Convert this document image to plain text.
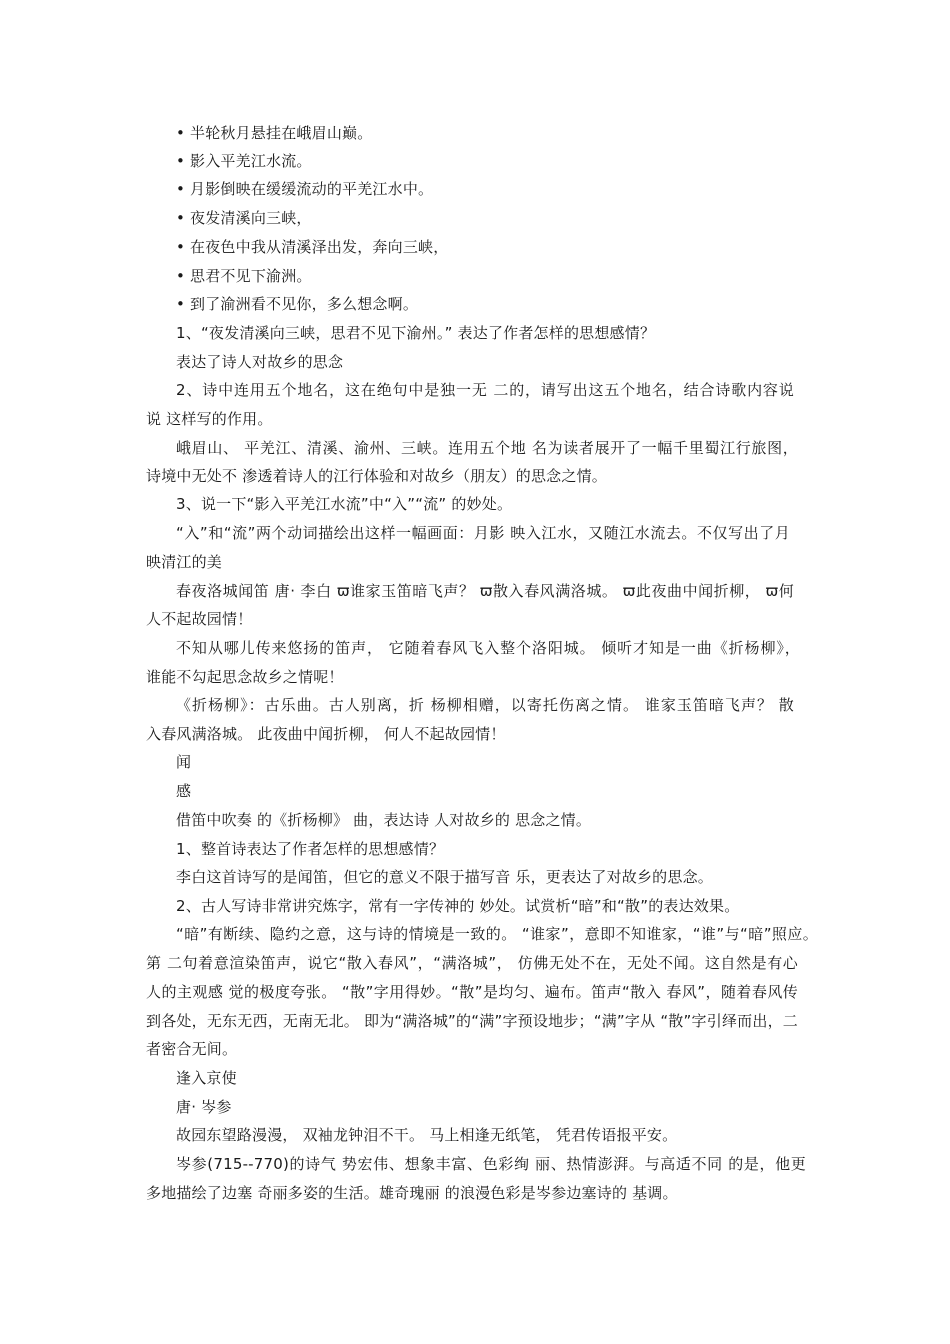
• 半轮秋月悬挂在峨眉山巅。
• 影入平羌江水流。
• 月影倒映在缓缓流动的平羌江水中。
• 夜发清溪向三峡，
• 在夜色中我从清溪泽出发，奔向三峡，
• 思君不见下渝洲。
• 到了渝洲看不见你，多么想念啊。
1、“夜发清溪向三峡，思君不见下渝州。” 表达了作者怎样的思想感情？
表达了诗人对故乡的思念
2、诗中连用五个地名，这在绝句中是独一无 二的，请写出这五个地名，结合诗歌内容说
说 这样写的作用。
峨眉山、 平羌江、清溪、渝州、三峡。连用五个地 名为读者展开了一幅千里蜀江行旅图，
诗境中无处不 渗透着诗人的江行体验和对故乡（朋友）的思念之情。
3、说一下“影入平羌江水流”中“入”“流” 的妙处。
“入”和“流”两个动词描绘出这样一幅画面：月影 映入江水，又随江水流去。不仅写出了月
映清江的美
春夜洛城闻笛 唐· 李白 ϖ谁家玉笛暗飞声？ ϖ散入春风满洛城。 ϖ此夜曲中闻折柳， ϖ何
人不起故园情！
不知从哪儿传来悠扬的笛声， 它随着春风飞入整个洛阳城。 倾听才知是一曲《折杨柳》，
谁能不勾起思念故乡之情呢！
《折杨柳》：古乐曲。古人别离，折 杨柳相赠，以寄托伤离之情。 谁家玉笛暗飞声？ 散
入春风满洛城。 此夜曲中闻折柳， 何人不起故园情！
闻
感
借笛中吹奏 的《折杨柳》 曲，表达诗 人对故乡的 思念之情。
1、整首诗表达了作者怎样的思想感情？
李白这首诗写的是闻笛，但它的意义不限于描写音 乐，更表达了对故乡的思念。
2、古人写诗非常讲究炼字，常有一字传神的 妙处。试赏析“暗”和“散”的表达效果。
“暗”有断续、隐约之意，这与诗的情境是一致的。 “谁家”，意即不知谁家，“谁”与“暗”照应。
第 二句着意渲染笛声，说它“散入春风”，“满洛城”， 仿佛无处不在，无处不闻。这自然是有心
人的主观感 觉的极度夸张。 “散”字用得妙。“散”是均匀、遍布。笛声“散入 春风”，随着春风传
到各处，无东无西，无南无北。 即为“满洛城”的“满”字预设地步；“满”字从 “散”字引绎而出，二
者密合无间。
逢入京使
唐· 岑参
故园东望路漫漫， 双袖龙钟泪不干。 马上相逢无纸笔， 凭君传语报平安。
岑参(715--770)的诗气 势宏伟、想象丰富、色彩绚 丽、热情澎湃。与高适不同 的是，他更
多地描绘了边塞 奇丽多姿的生活。雄奇瑰丽 的浪漫色彩是岑参边塞诗的 基调。
